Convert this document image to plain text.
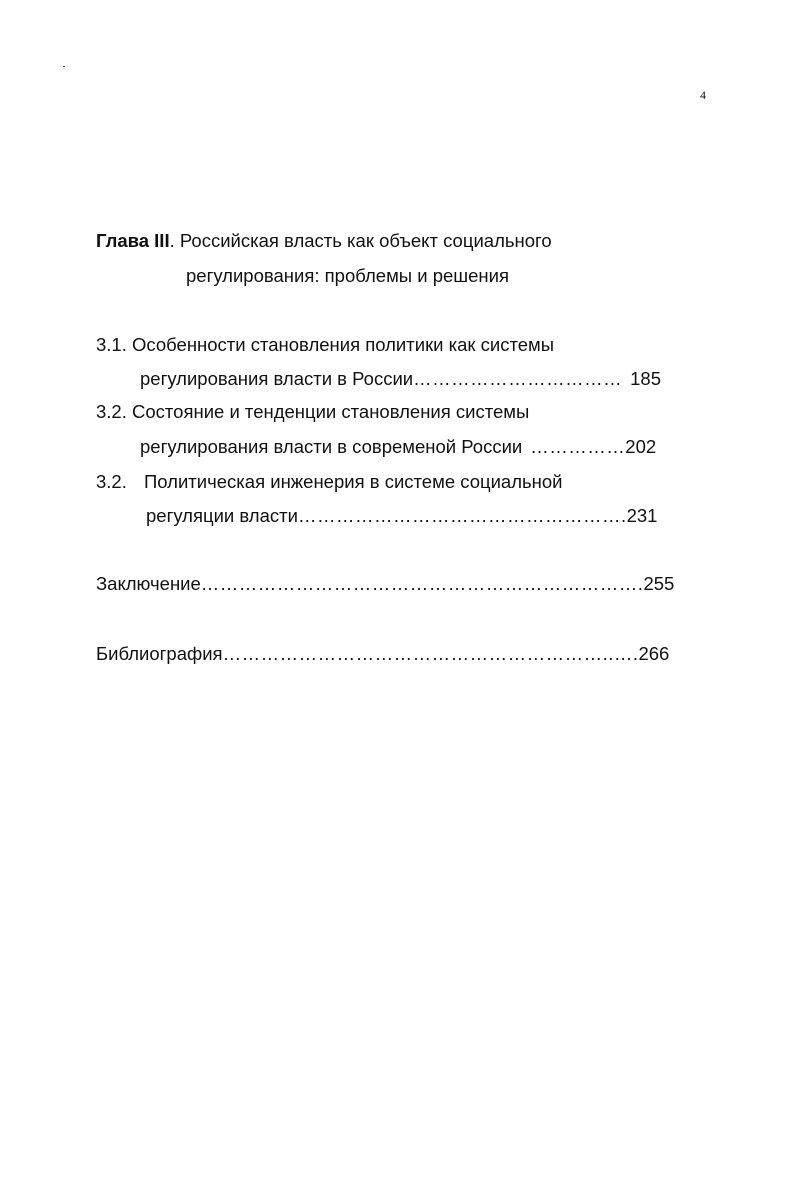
4
Глава III. Российская власть как объект социального
регулирования: проблемы и решения
3.1. Особенности становления политики как системы
регулирования власти в России …………………………… 185
3.2. Состояние и тенденции становления системы
регулирования власти в современой России …………… 202
3.2. Политическая инженерия в системе социальной
регуляции власти ……………………………………………. 231
Заключение ……………………………………………………………. 255
Библиография ……………………………………………………..…. 266
